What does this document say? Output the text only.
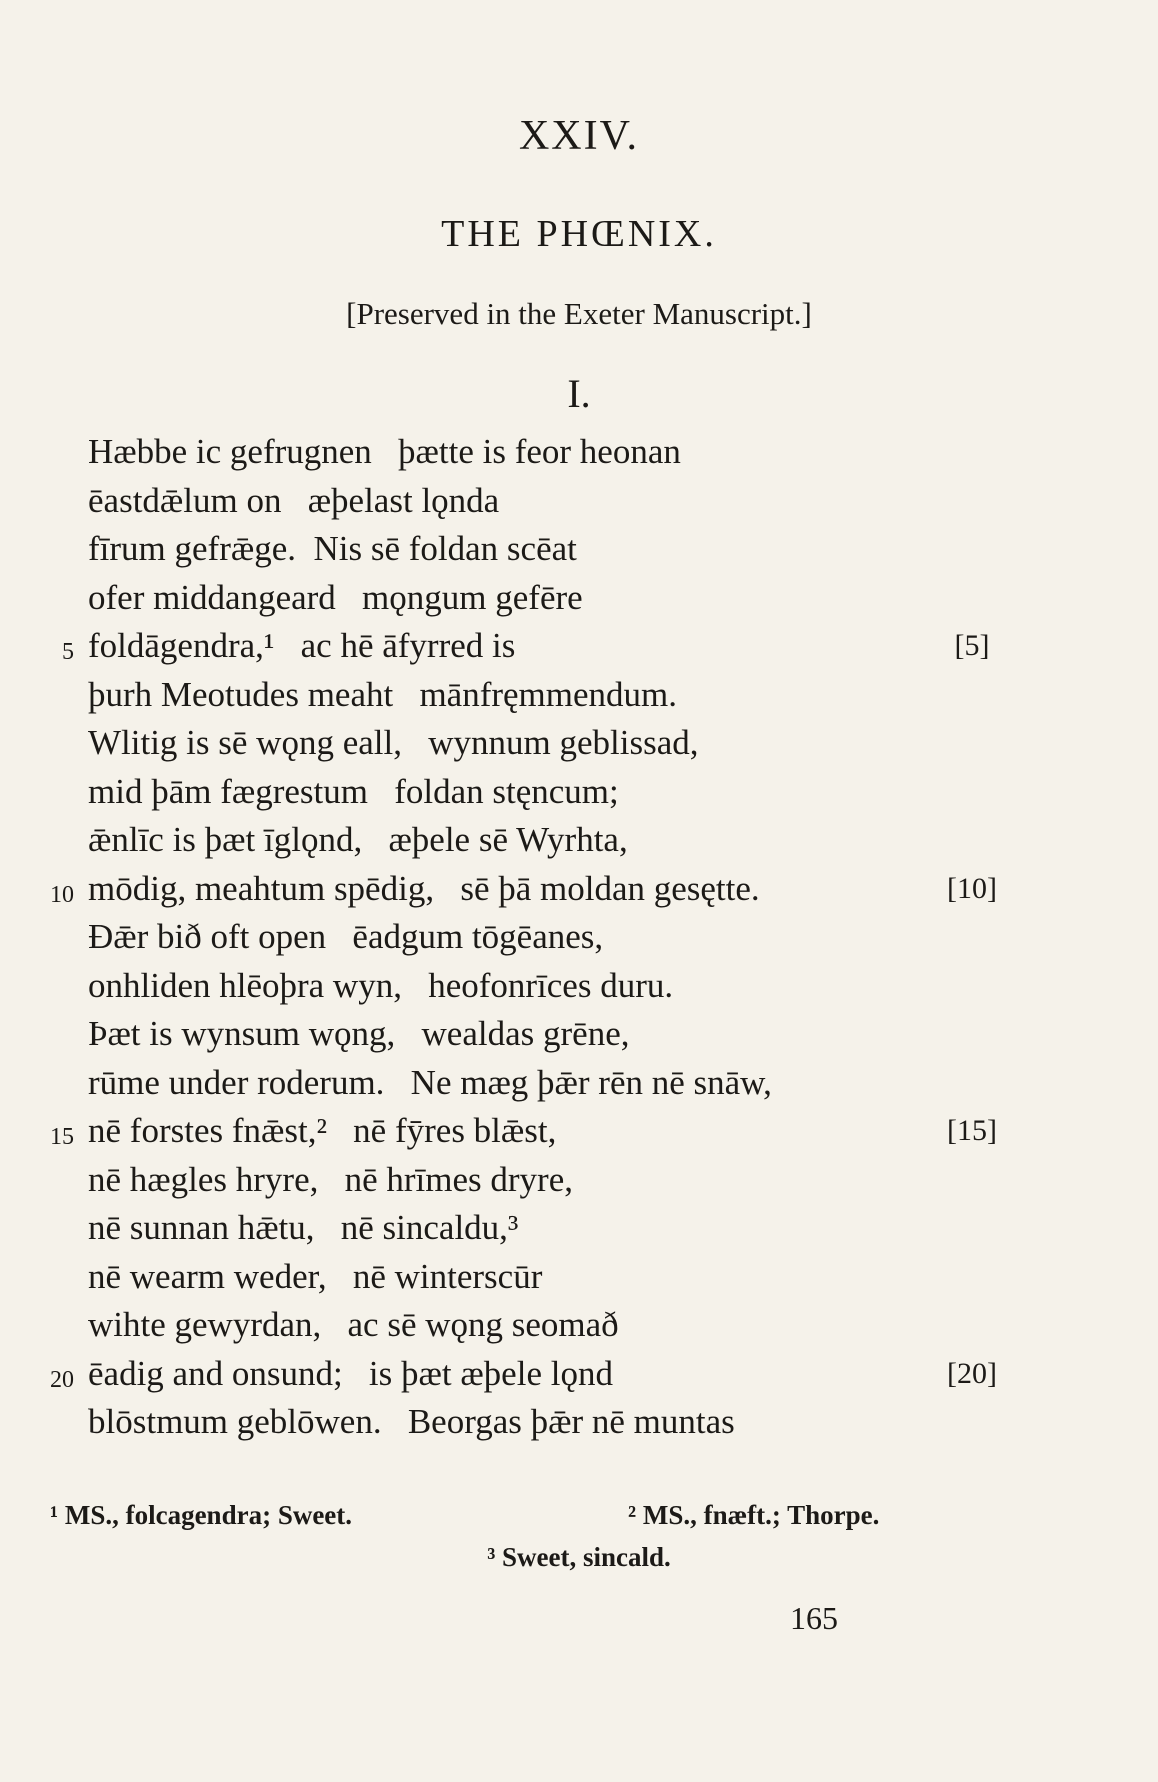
XXIV.
THE PHŒNIX.
[Preserved in the Exeter Manuscript.]
I.
Hæbbe ic gefrugnen   þætte is feor heonan
ēastdǣlum on   æþelast lǫnda
fīrum gefrǣge.  Nis sē foldan scēat
ofer middangeard   mǫngum gefēre
5 foldāgendra,¹   ac hē āfyrred is	[5]
þurh Meotudes meaht   mānfręmmendum.
Wlitig is sē wǫng eall,   wynnum geblissad,
mid þām fægrestum   foldan stęncum;
ǣnlīc is þæt īglǫnd,   æþele sē Wyrhta,
10 mōdig, meahtum spēdig,   sē þā moldan gesętte.	[10]
Ðǣr bið oft open   ēadgum tōgēanes,
onhliden hlēoþra wyn,   heofonrīces duru.
Þæt is wynsum wǫng,   wealdas grēne,
rūme under roderum.   Ne mæg þǣr rēn nē snāw,
15 nē forstes fnǣst,²   nē fȳres blǣst,	[15]
nē hægles hryre,   nē hrīmes dryre,
nē sunnan hǣtu,   nē sincaldu,³
nē wearm weder,   nē winterscūr
wihte gewyrdan,   ac sē wǫng seomað
20 ēadig and onsund;   is þæt æþele lǫnd	[20]
blōstmum geblōwen.   Beorgas þǣr nē muntas
¹ MS., folcagendra; Sweet.	² MS., fnæft.; Thorpe.
³ Sweet, sincald.
165
